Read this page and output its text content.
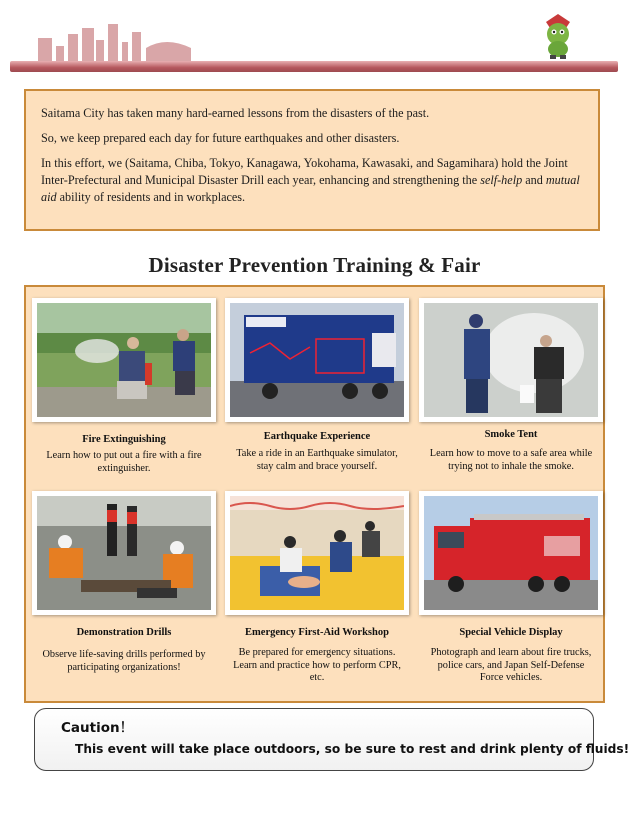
Saitama City has taken many hard-earned lessons from the disasters of the past.

So, we keep prepared each day for future earthquakes and other disasters.

In this effort, we (Saitama, Chiba, Tokyo, Kanagawa, Yokohama, Kawasaki, and Sagamihara) hold the Joint Inter-Prefectural and Municipal Disaster Drill each year, enhancing and strengthening the self-help and mutual aid ability of residents and in workplaces.

Disaster Prevention Training & Fair
Fire Extinguishing
Learn how to put out a fire with a fire extinguisher.
Earthquake Experience
Take a ride in an Earthquake simulator, stay calm and brace yourself.
Smoke Tent
Learn how to move to a safe area while trying not to inhale the smoke.
Demonstration Drills
Observe life-saving drills performed by participating organizations!
Emergency First-Aid Workshop
Be prepared for emergency situations. Learn and practice how to perform CPR, etc.
Special Vehicle Display
Photograph and learn about fire trucks, police cars, and Japan Self-Defense Force vehicles.
Caution！
This event will take place outdoors, so be sure to rest and drink plenty of fluids!
